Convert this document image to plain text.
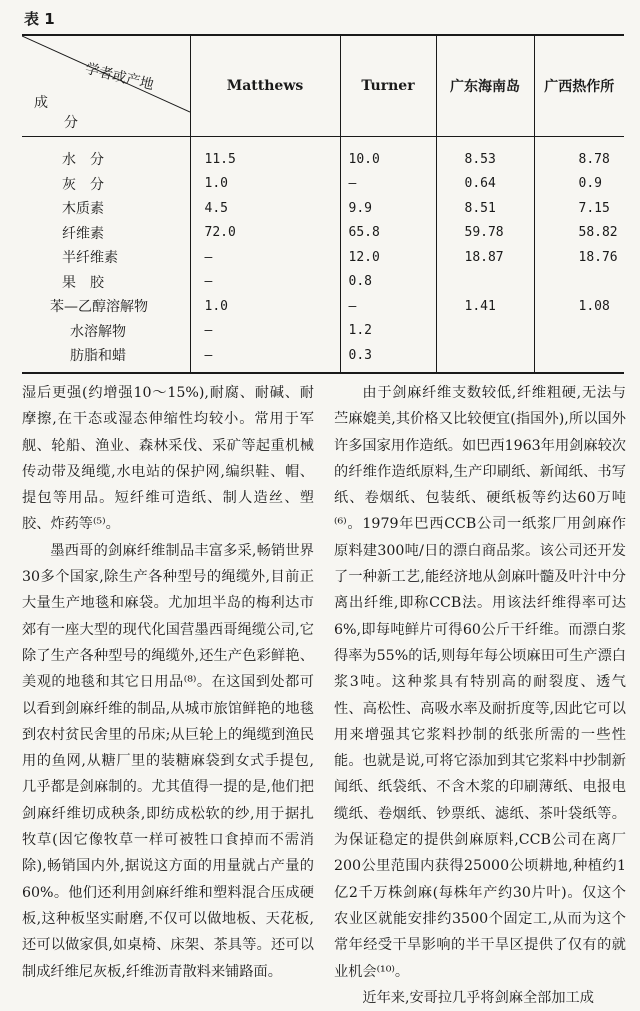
表 1
学者或产地
成
分	Matthews	Turner	广东海南岛	广西热作所
水　分	11.5	10.0	8.53	8.78
灰　分	1.0	—	0.64	0.9
木质素	4.5	9.9	8.51	7.15
纤维素	72.0	65.8	59.78	58.82
半纤维素	—	12.0	18.87	18.76
果　胶	—	0.8		
苯—乙醇溶解物	1.0	—	1.41	1.08
水溶解物	—	1.2		
肪脂和蜡	—	0.3		

湿后更强(约增强10～15%),耐腐、耐碱、耐摩擦,在干态或湿态伸缩性均较小。常用于军舰、轮船、渔业、森林采伐、采矿等起重机械传动带及绳缆,水电站的保护网,编织鞋、帽、提包等用品。短纤维可造纸、制人造丝、塑胶、炸药等⁽⁵⁾。

墨西哥的剑麻纤维制品丰富多采,畅销世界30多个国家,除生产各种型号的绳缆外,目前正大量生产地毯和麻袋。尤加坦半岛的梅利达市郊有一座大型的现代化国营墨西哥绳缆公司,它除了生产各种型号的绳缆外,还生产色彩鲜艳、美观的地毯和其它日用品⁽⁸⁾。在这国到处都可以看到剑麻纤维的制品,从城市旅馆鲜艳的地毯到农村贫民舍里的吊床;从巨轮上的绳缆到渔民用的鱼网,从糖厂里的装糖麻袋到女式手提包,几乎都是剑麻制的。尤其值得一提的是,他们把剑麻纤维切成秧条,即纺成松软的纱,用于据扎牧草(因它像牧草一样可被牲口食掉而不需消除),畅销国内外,据说这方面的用量就占产量的60%。他们还利用剑麻纤维和塑料混合压成硬板,这种板坚实耐磨,不仅可以做地板、天花板,还可以做家俱,如桌椅、床架、茶具等。还可以制成纤维尼灰板,纤维沥青散料来铺路面。

由于剑麻纤维支数较低,纤维粗硬,无法与苎麻媲美,其价格又比较便宜(指国外),所以国外许多国家用作造纸。如巴西1963年用剑麻较次的纤维作造纸原料,生产印刷纸、新闻纸、书写纸、卷烟纸、包装纸、硬纸板等约达60万吨⁽⁶⁾。1979年巴西CCB公司一纸浆厂用剑麻作原料建300吨/日的漂白商品浆。该公司还开发了一种新工艺,能经济地从剑麻叶髓及叶汁中分离出纤维,即称CCB法。用该法纤维得率可达6%,即每吨鲜片可得60公斤干纤维。而漂白浆得率为55%的话,则每年每公顷麻田可生产漂白浆3吨。这种浆具有特别高的耐裂度、透气性、高松性、高吸水率及耐折度等,因此它可以用来增强其它浆料抄制的纸张所需的一些性能。也就是说,可将它添加到其它浆料中抄制新闻纸、纸袋纸、不含木浆的印刷薄纸、电报电缆纸、卷烟纸、钞票纸、滤纸、茶叶袋纸等。为保证稳定的提供剑麻原料,CCB公司在离厂200公里范围内获得25000公顷耕地,种植约1亿2千万株剑麻(每株年产约30片叶)。仅这个农业区就能安排约3500个固定工,从而为这个常年经受干旱影响的半干旱区提供了仅有的就业机会⁽¹⁰⁾。

近年来,安哥拉几乎将剑麻全部加工成
